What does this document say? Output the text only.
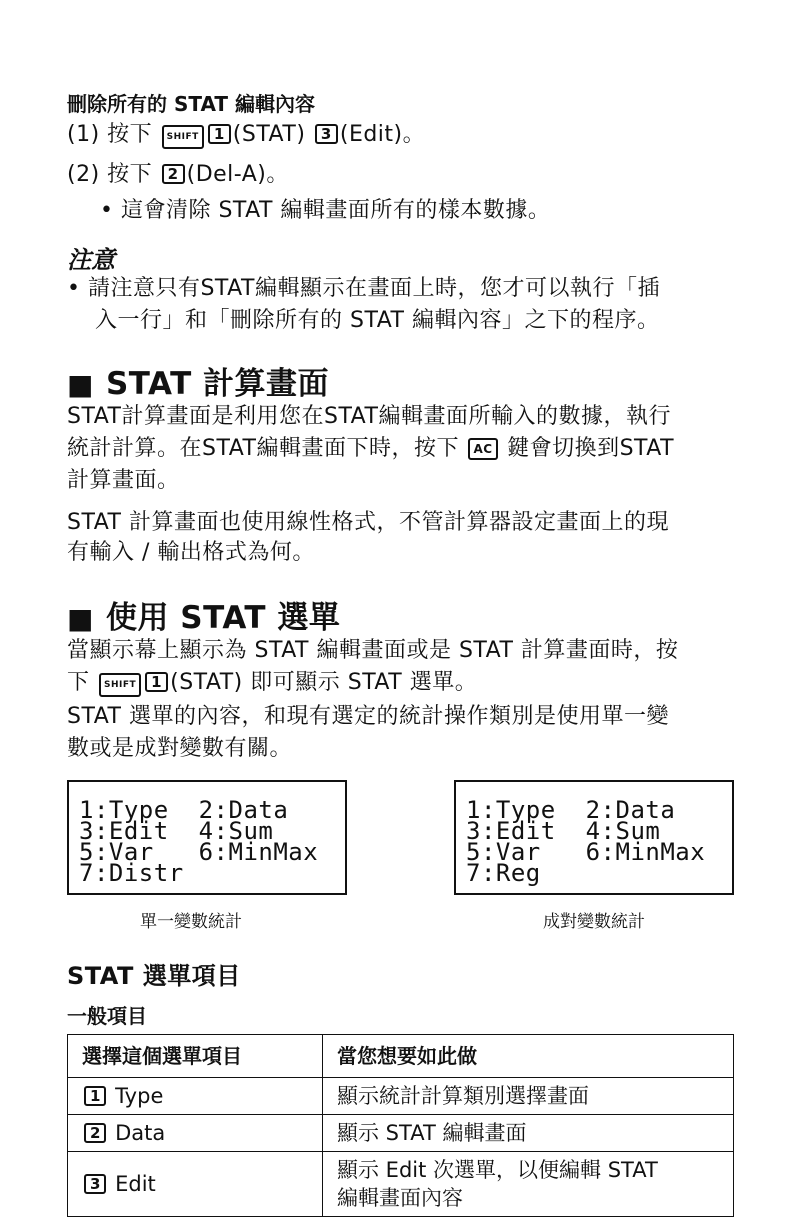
刪除所有的 STAT 編輯內容
(1) 按下 SHIFT 1 (STAT) 3 (Edit)。
(2) 按下 2 (Del-A)。
• 這會清除 STAT 編輯畫面所有的樣本數據。
注意
• 請注意只有STAT編輯顯示在畫面上時，您才可以執行「插
入一行」和「刪除所有的 STAT 編輯內容」之下的程序。
■ STAT 計算畫面
STAT計算畫面是利用您在STAT編輯畫面所輸入的數據，執行
統計計算。在STAT編輯畫面下時，按下 AC 鍵會切換到STAT
計算畫面。
STAT 計算畫面也使用線性格式，不管計算器設定畫面上的現
有輸入 / 輸出格式為何。
■ 使用 STAT 選單
當顯示幕上顯示為 STAT 編輯畫面或是 STAT 計算畫面時，按
下 SHIFT 1 (STAT) 即可顯示 STAT 選單。
STAT 選單的內容，和現有選定的統計操作類別是使用單一變
數或是成對變數有關。
1:Type  2:Data
3:Edit  4:Sum
5:Var   6:MinMax
7:Distr
單一變數統計
1:Type  2:Data
3:Edit  4:Sum
5:Var   6:MinMax
7:Reg
成對變數統計
STAT 選單項目
一般項目
選擇這個選單項目	當您想要如此做
1 Type	顯示統計計算類別選擇畫面
2 Data	顯示 STAT 編輯畫面
3 Edit	顯示 Edit 次選單，以便編輯 STAT
編輯畫面內容
